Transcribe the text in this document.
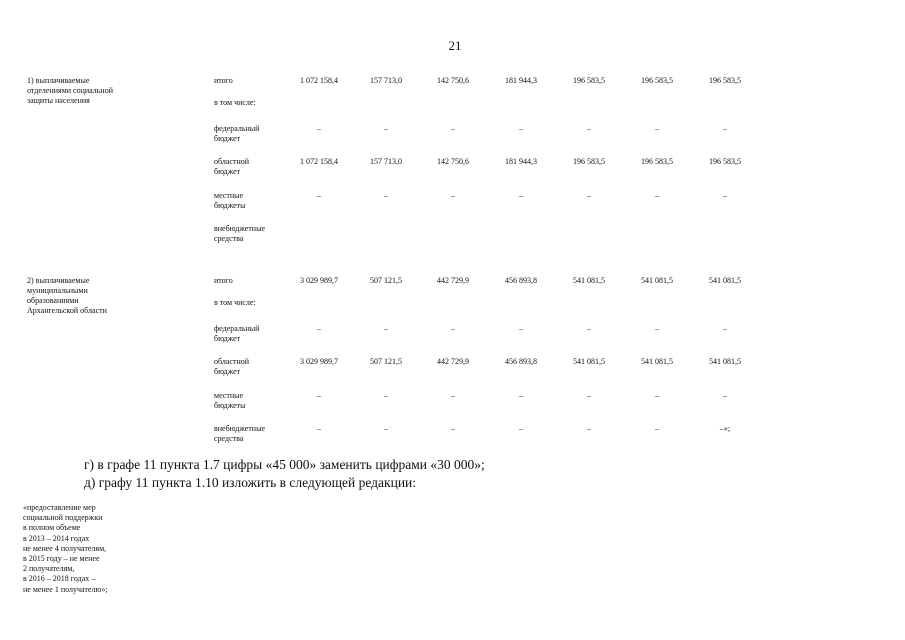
21
1) выплачиваемые
отделениями социальной
защиты населения
итого	1 072 158,4	157 713,0	142 750,6	181 944,3	196 583,5	196 583,5	196 583,5
в том числе:
федеральный
бюджет
–	–	–	–	–	–	–
областной
бюджет
1 072 158,4	157 713,0	142 750,6	181 944,3	196 583,5	196 583,5	196 583,5
местные
бюджеты
–	–	–	–	–	–	–
внебюджетные
средства
2) выплачиваемые
муниципальными
образованиями
Архангельской области
итого	3 029 989,7	507 121,5	442 729,9	456 893,8	541 081,5	541 081,5	541 081,5
в том числе:
федеральный
бюджет
–	–	–	–	–	–	–
областной
бюджет
3 029 989,7	507 121,5	442 729,9	456 893,8	541 081,5	541 081,5	541 081,5
местные
бюджеты
–	–	–	–	–	–	–
внебюджетные
средства
–	–	–	–	–	–	–»;
г) в графе 11 пункта 1.7 цифры «45 000» заменить цифрами «30 000»;
д) графу 11 пункта 1.10 изложить в следующей редакции:
«предоставление мер
социальной поддержки
в полном объеме
в 2013 – 2014 годах
не менее 4 получателям,
в 2015 году – не менее
2 получателям,
в 2016 – 2018 годах –
не менее 1 получателю»;
